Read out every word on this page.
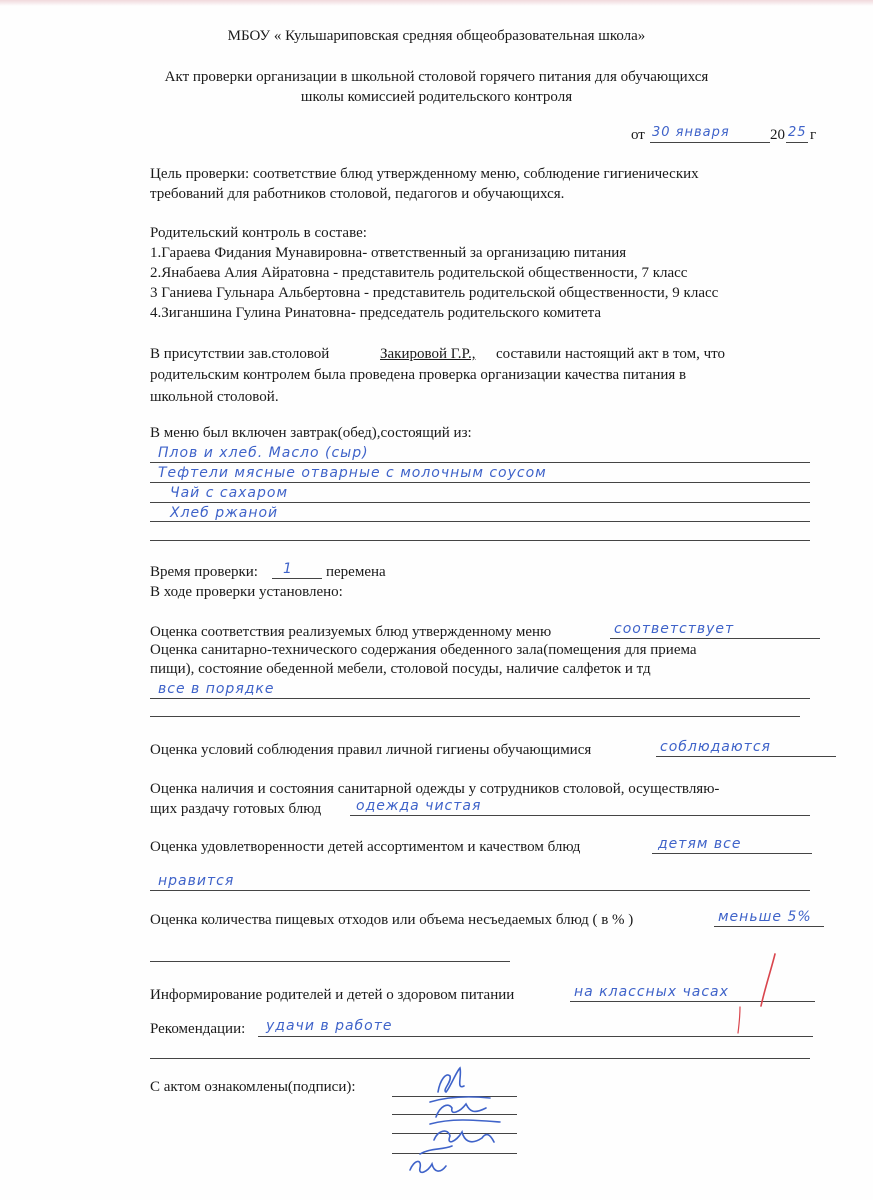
МБОУ « Кульшариповская средняя общеобразовательная школа»
Акт проверки организации в школьной столовой горячего питания для обучающихся
школы комиссией родительского контроля
от 30 января	20 25 г
Цель проверки: соответствие блюд утвержденному меню, соблюдение гигиенических
требований для работников столовой, педагогов и обучающихся.
Родительский контроль в составе:
1.Гараева Фидания Мунавировна- ответственный за организацию питания
2.Янабаева Алия Айратовна - представитель родительской общественности, 7 класс
3 Ганиева Гульнара Альбертовна - представитель родительской общественности, 9 класс
4.Зиганшина Гулина Ринатовна- председатель родительского комитета
В присутствии зав.столовой	Закировой Г.Р., составили настоящий акт в том, что
родительским контролем была проведена проверка организации качества питания в
школьной столовой.
В меню был включен завтрак(обед),состоящий из:
Плов и хлеб. Масло (сыр)
Тефтели мясные отварные с молочным соусом
Чай с сахаром
Хлеб ржаной
Время проверки: 1 перемена
В ходе проверки установлено:
Оценка соответствия реализуемых блюд утвержденному меню	соответствует
Оценка санитарно-технического содержания обеденного зала(помещения для приема
пищи), состояние обеденной мебели, столовой посуды, наличие салфеток и тд
все в порядке
Оценка условий соблюдения правил личной гигиены обучающимися	соблюдаются
Оценка наличия и состояния санитарной одежды у сотрудников столовой, осуществляю-
щих раздачу готовых блюд одежда чистая
Оценка удовлетворенности детей ассортиментом и качеством блюд	детям все
нравится
Оценка количества пищевых отходов или объема несъедаемых блюд ( в % )	меньше 5%
Информирование родителей и детей о здоровом питании	на классных часах
Рекомендации: удачи в работе
С актом ознакомлены(подписи):
